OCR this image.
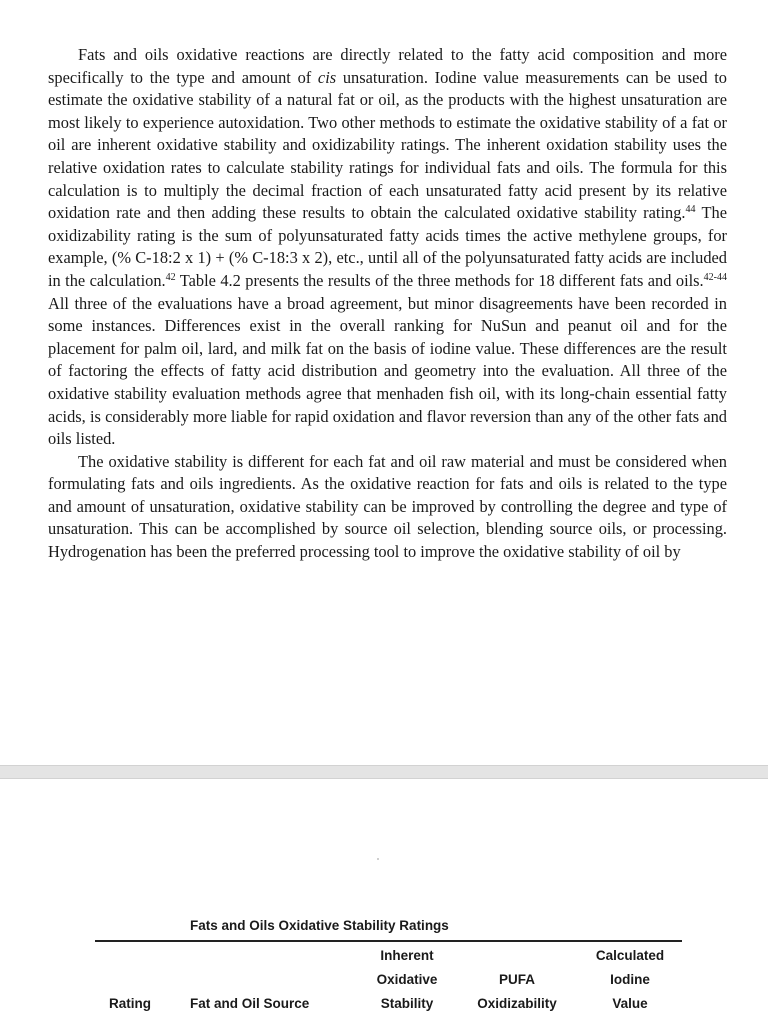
Fats and oils oxidative reactions are directly related to the fatty acid composition and more specifically to the type and amount of cis unsaturation. Iodine value measurements can be used to estimate the oxidative stability of a natural fat or oil, as the products with the highest unsaturation are most likely to experience autoxidation. Two other methods to estimate the oxidative stability of a fat or oil are inherent oxidative stability and oxidizability ratings. The inherent oxidation stability uses the relative oxidation rates to calculate stability ratings for individual fats and oils. The formula for this calculation is to multiply the decimal fraction of each unsaturated fatty acid present by its relative oxidation rate and then adding these results to obtain the calculated oxidative stability rating.$^{44}$ The oxidizability rating is the sum of polyunsaturated fatty acids times the active methylene groups, for example, (% C-18:2 x 1) + (% C-18:3 x 2), etc., until all of the polyunsaturated fatty acids are included in the calculation.$^{42}$ Table 4.2 presents the results of the three methods for 18 different fats and oils.$^{42-44}$ All three of the evaluations have a broad agreement, but minor disagreements have been recorded in some instances. Differences exist in the overall ranking for NuSun and peanut oil and for the placement for palm oil, lard, and milk fat on the basis of iodine value. These differences are the result of factoring the effects of fatty acid distribution and geometry into the evaluation. All three of the oxidative stability evaluation methods agree that menhaden fish oil, with its long-chain essential fatty acids, is considerably more liable for rapid oxidation and flavor reversion than any of the other fats and oils listed.

The oxidative stability is different for each fat and oil raw material and must be considered when formulating fats and oils ingredients. As the oxidative reaction for fats and oils is related to the type and amount of unsaturation, oxidative stability can be improved by controlling the degree and type of unsaturation. This can be accomplished by source oil selection, blending source oils, or processing. Hydrogenation has been the preferred processing tool to improve the oxidative stability of oil by

Fats and Oils Oxidative Stability Ratings
Rating	Fat and Oil Source
Inherent
Oxidative
Stability
PUFA
Oxidizability
Calculated
Iodine
Value
